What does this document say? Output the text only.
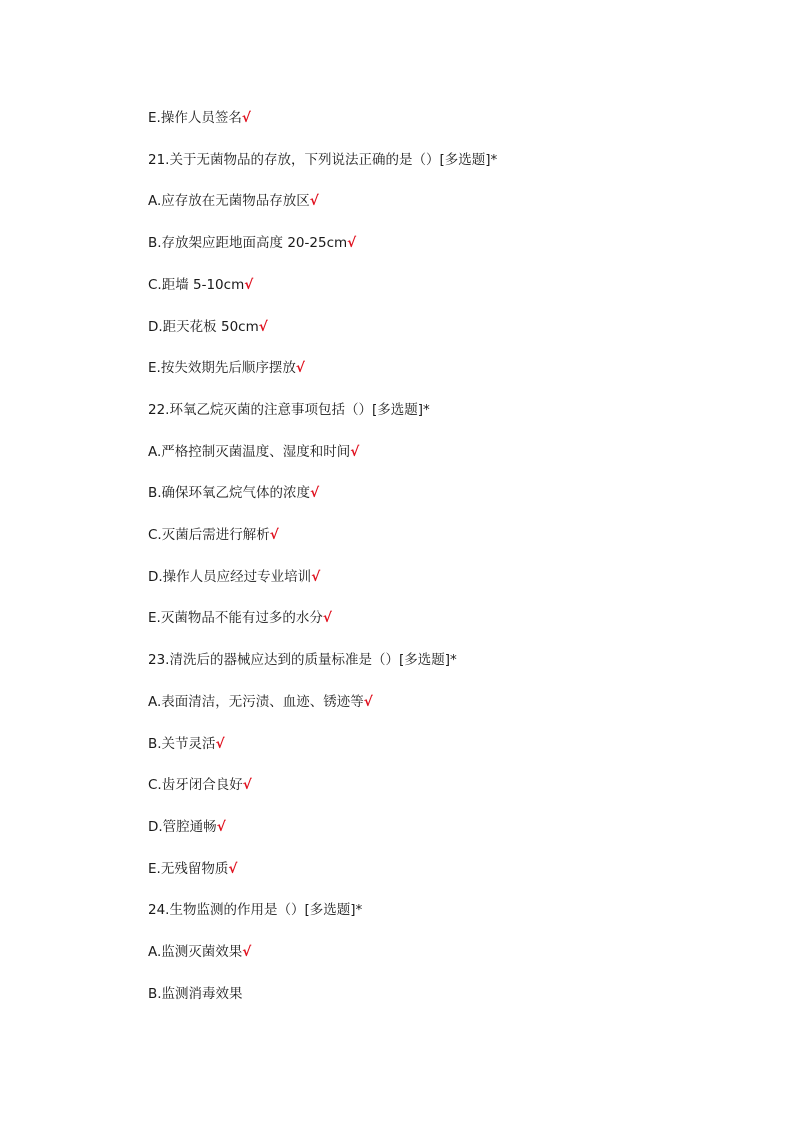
E.操作人员签名√
21.关于无菌物品的存放，下列说法正确的是（）[多选题]*
A.应存放在无菌物品存放区√
B.存放架应距地面高度 20-25cm√
C.距墙 5-10cm√
D.距天花板 50cm√
E.按失效期先后顺序摆放√
22.环氧乙烷灭菌的注意事项包括（）[多选题]*
A.严格控制灭菌温度、湿度和时间√
B.确保环氧乙烷气体的浓度√
C.灭菌后需进行解析√
D.操作人员应经过专业培训√
E.灭菌物品不能有过多的水分√
23.清洗后的器械应达到的质量标准是（）[多选题]*
A.表面清洁，无污渍、血迹、锈迹等√
B.关节灵活√
C.齿牙闭合良好√
D.管腔通畅√
E.无残留物质√
24.生物监测的作用是（）[多选题]*
A.监测灭菌效果√
B.监测消毒效果
